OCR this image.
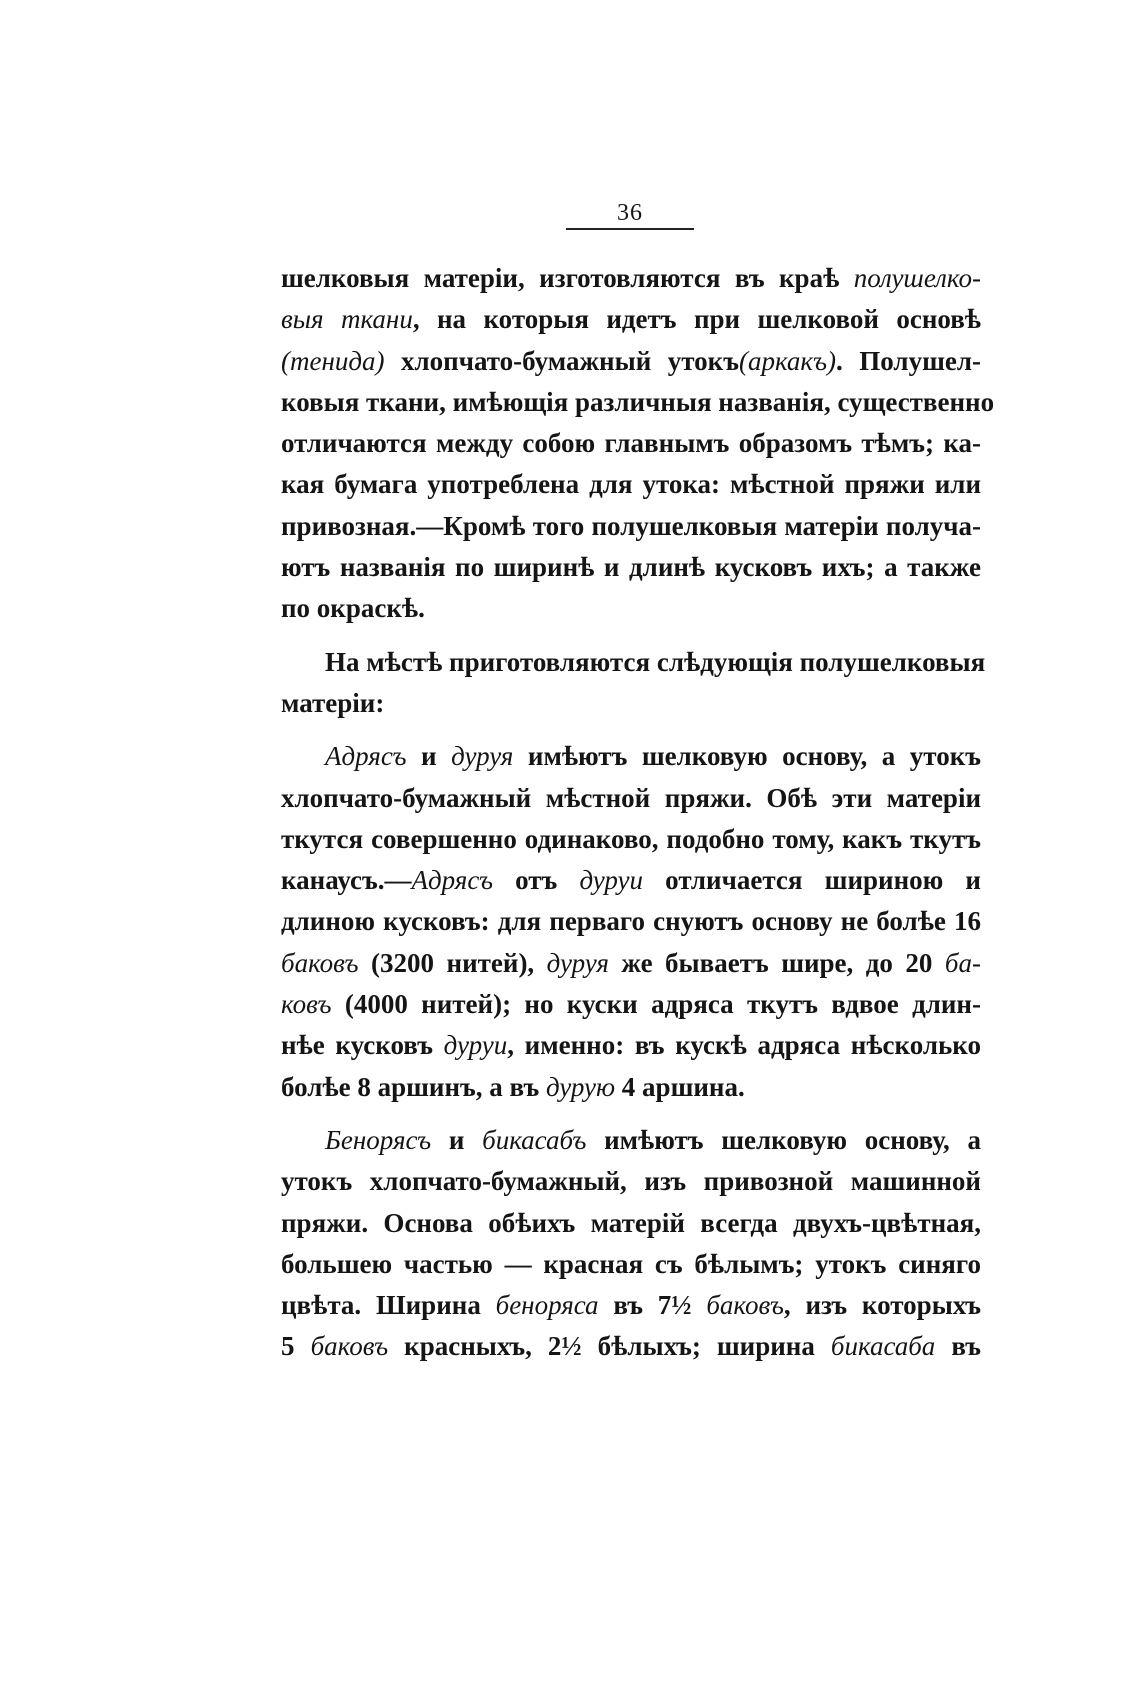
36
шелковыя матеріи, изготовляются въ краѣ полушелко-
выя ткани, на которыя идетъ при шелковой основѣ
(тенида) хлопчато-бумажный утокъ(аркакъ). Полушел-
ковыя ткани, имѣющія различныя названія, существенно
отличаются между собою главнымъ образомъ тѣмъ; ка-
кая бумага употреблена для утока: мѣстной пряжи или
привозная.—Кромѣ того полушелковыя матеріи получа-
ютъ названія по ширинѣ и длинѣ кусковъ ихъ; а также
по окраскѣ.
На мѣстѣ приготовляются слѣдующія полушелковыя
матеріи:
Адрясъ и дуруя имѣютъ шелковую основу, а утокъ
хлопчато-бумажный мѣстной пряжи. Обѣ эти матеріи
ткутся совершенно одинаково, подобно тому, какъ ткутъ
канаусъ.—Адрясъ отъ дуруи отличается шириною и
длиною кусковъ: для перваго снуютъ основу не болѣе 16
баковъ (3200 нитей), дуруя же бываетъ шире, до 20 ба-
ковъ (4000 нитей); но куски адряса ткутъ вдвое длин-
нѣе кусковъ дуруи, именно: въ кускѣ адряса нѣсколько
болѣе 8 аршинъ, а въ дурую 4 аршина.
Бенорясъ и бикасабъ имѣютъ шелковую основу, а
утокъ хлопчато-бумажный, изъ привозной машинной
пряжи. Основа обѣихъ матерій всегда двухъ-цвѣтная,
большею частью — красная съ бѣлымъ; утокъ синяго
цвѣта. Ширина беноряса въ 7½ баковъ, изъ которыхъ
5 баковъ красныхъ, 2½ бѣлыхъ; ширина бикасаба въ
